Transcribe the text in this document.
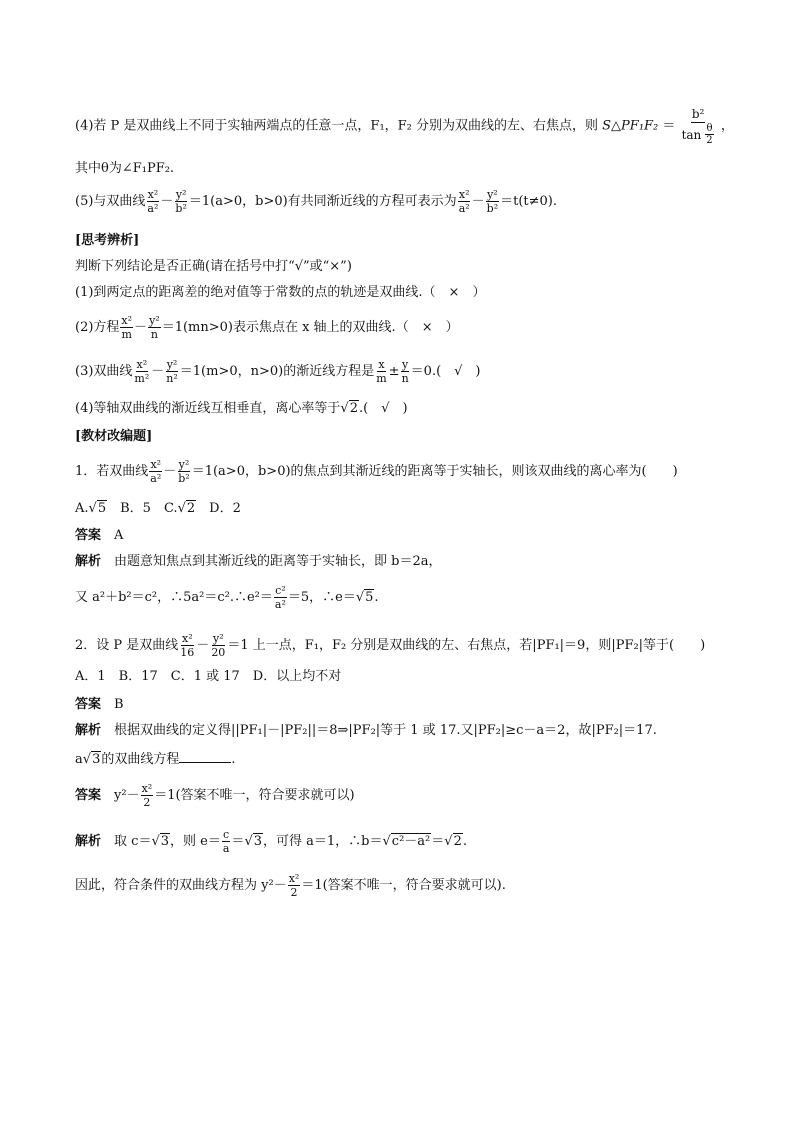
(4)若 P 是双曲线上不同于实轴两端点的任意一点，F₁，F₂ 分别为双曲线的左、右焦点，则 S△PF₁F₂ ＝ $\frac{\text{b²}}{\tan \frac{\theta}{2}}$ ，
其中θ为∠F₁PF₂.
(5)与双曲线 $\frac{\text{x²}}{\text{a²}} - \frac{\text{y²}}{\text{b²}} =1(a>0$，b>0)有共同渐近线的方程可表示为 $\frac{\text{x²}}{\text{a²}} - \frac{\text{y²}}{\text{b²}} =t(t\ne 0)$.
[思考辨析]
判断下列结论是否正确(请在括号中打“√”或“×”)
(1)到两定点的距离差的绝对值等于常数的点的轨迹是双曲线.（　×　）
(2)方程 $\frac{\text{x²}}{m} - \frac{\text{y²}}{n} =1(mn>0)$表示焦点在 x 轴上的双曲线.（　×　）
(3)双曲线 $\frac{\text{x²}}{\text{m²}} - \frac{\text{y²}}{\text{n²}} =1(m>0$，n>0)的渐近线方程是 $\frac{x}{m} \pm \frac{y}{n} =0$.(　√　)
(4)等轴双曲线的渐近线互相垂直，离心率等于√2.(　√　)
[教材改编题]
1．若双曲线 $\frac{\text{x²}}{\text{a²}} - \frac{\text{y²}}{\text{b²}} =1(a>0$，b>0)的焦点到其渐近线的距离等于实轴长，则该双曲线的离心率为(　　)
A.√5　 B．5　C.√2　 D．2
答案　 A
解析　 由题意知焦点到其渐近线的距离等于实轴长，即 b＝2a，
又 a²＋b²＝c²，∴5a²＝c².∴e²＝ $\frac{\text{c²}}{\text{a²}} =5$，∴e＝√5.
2．设 P 是双曲线 $\frac{\text{x²}}{16} - \frac{\text{y²}}{20} =1$ 上一点，F₁，F₂ 分别是双曲线的左、右焦点，若|PF₁|＝9，则|PF₂|等于(　　)
A．1　B．17　C．1 或 17　D．以上均不对
答案　 B
解析　 根据双曲线的定义得||PF₁|－|PF₂||＝8⇒|PF₂|等于 1 或 17.又|PF₂|≥c－a＝2，故|PF₂|＝17.
a√3的双曲线方程	.
答案　 $y^2- \frac{\text{x²}}{2} =1$(答案不唯一，符合要求就可以)
解析　 取 c＝√3，则 $e= \frac{c}{a} =√3$，可得 a＝1，∴b＝√c²－a²＝√2.
因此，符合条件的双曲线方程为 $y^2- \frac{\text{x²}}{2} =1$(答案不唯一，符合要求就可以).
